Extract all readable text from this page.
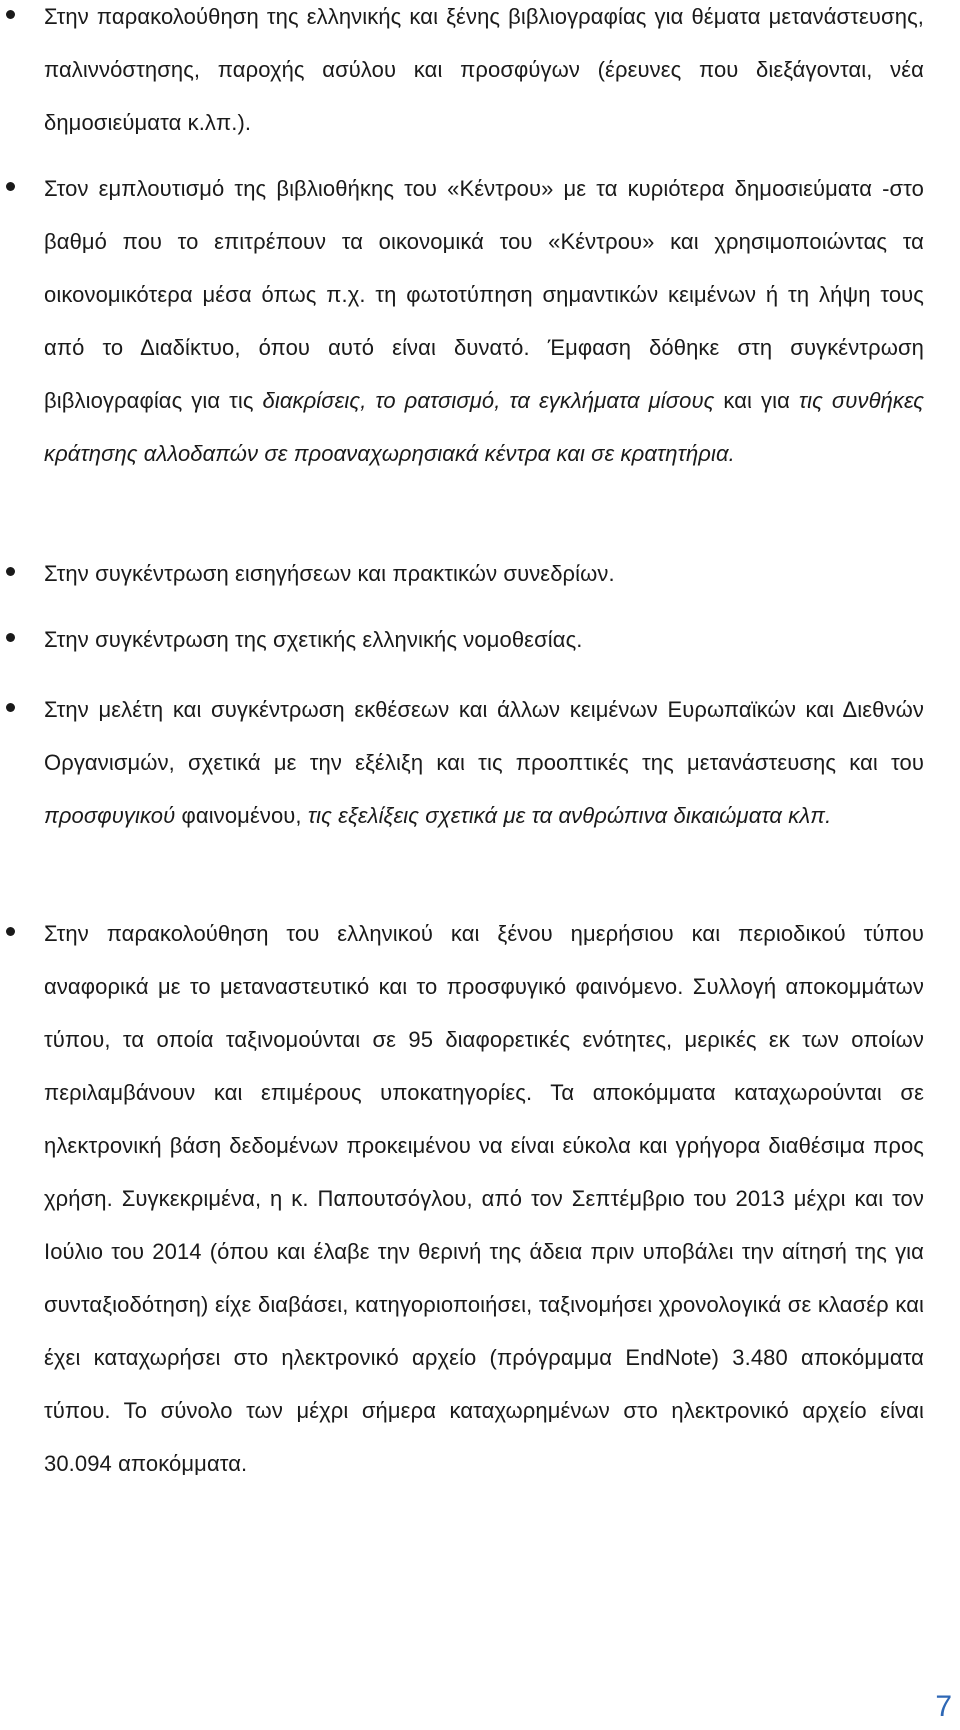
Στην παρακολούθηση της ελληνικής και ξένης βιβλιογραφίας για θέματα μετανάστευσης, παλιννόστησης, παροχής ασύλου και προσφύγων (έρευνες που διεξάγονται, νέα δημοσιεύματα κ.λπ.).
Στον εμπλουτισμό της βιβλιοθήκης του «Κέντρου» με τα κυριότερα δημοσιεύματα -στο βαθμό που το επιτρέπουν τα οικονομικά του «Κέντρου» και χρησιμοποιώντας τα οικονομικότερα μέσα όπως π.χ. τη φωτοτύπηση σημαντικών κειμένων ή τη λήψη τους από το Διαδίκτυο, όπου αυτό είναι δυνατό. Έμφαση δόθηκε στη συγκέντρωση βιβλιογραφίας για τις διακρίσεις, το ρατσισμό, τα εγκλήματα μίσους και για τις συνθήκες κράτησης αλλοδαπών σε προαναχωρησιακά κέντρα και σε κρατητήρια.
Στην συγκέντρωση εισηγήσεων και πρακτικών συνεδρίων.
Στην συγκέντρωση της σχετικής ελληνικής νομοθεσίας.
Στην μελέτη και συγκέντρωση εκθέσεων και άλλων κειμένων Ευρωπαϊκών και Διεθνών Οργανισμών, σχετικά με την εξέλιξη και τις προοπτικές της μετανάστευσης και του προσφυγικού φαινομένου, τις εξελίξεις σχετικά με τα ανθρώπινα δικαιώματα κλπ.
Στην παρακολούθηση του ελληνικού και ξένου ημερήσιου και περιοδικού τύπου αναφορικά με το μεταναστευτικό και το προσφυγικό φαινόμενο. Συλλογή αποκομμάτων τύπου, τα οποία ταξινομούνται σε 95 διαφορετικές ενότητες, μερικές εκ των οποίων περιλαμβάνουν και επιμέρους υποκατηγορίες. Τα αποκόμματα καταχωρούνται σε ηλεκτρονική βάση δεδομένων προκειμένου να είναι εύκολα και γρήγορα διαθέσιμα προς χρήση. Συγκεκριμένα, η κ. Παπουτσόγλου, από τον Σεπτέμβριο του 2013 μέχρι και τον Ιούλιο του 2014 (όπου και έλαβε την θερινή της άδεια πριν υποβάλει την αίτησή της για συνταξιοδότηση) είχε διαβάσει, κατηγοριοποιήσει, ταξινομήσει χρονολογικά σε κλασέρ και έχει καταχωρήσει στο ηλεκτρονικό αρχείο (πρόγραμμα EndNote) 3.480 αποκόμματα τύπου. Το σύνολο των μέχρι σήμερα καταχωρημένων στο ηλεκτρονικό αρχείο είναι 30.094 αποκόμματα.
7
